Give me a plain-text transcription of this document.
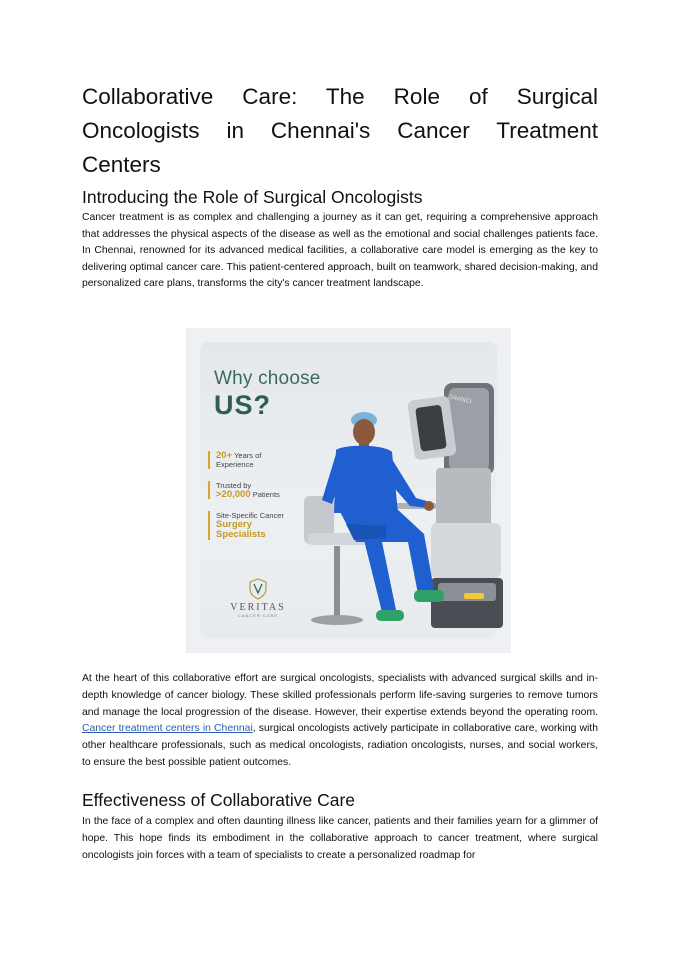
Collaborative Care: The Role of Surgical Oncologists in Chennai's Cancer Treatment Centers
Introducing the Role of Surgical Oncologists

Cancer treatment is as complex and challenging a journey as it can get, requiring a comprehensive approach that addresses the physical aspects of the disease as well as the emotional and social challenges patients face. In Chennai, renowned for its advanced medical facilities, a collaborative care model is emerging as the key to delivering optimal cancer care. This patient-centered approach, built on teamwork, shared decision-making, and personalized care plans, transforms the city's cancer treatment landscape.

Why choose
US?
20+ Years of
Experience
Trusted by
>20,000 Patients
Site-Specific Cancer
Surgery
Specialists
VERITAS
CANCER CARE
DAVINCI

At the heart of this collaborative effort are surgical oncologists, specialists with advanced surgical skills and in-depth knowledge of cancer biology. These skilled professionals perform life-saving surgeries to remove tumors and manage the local progression of the disease. However, their expertise extends beyond the operating room. Cancer treatment centers in Chennai, surgical oncologists actively participate in collaborative care, working with other healthcare professionals, such as medical oncologists, radiation oncologists, nurses, and social workers, to ensure the best possible patient outcomes.

Effectiveness of Collaborative Care

In the face of a complex and often daunting illness like cancer, patients and their families yearn for a glimmer of hope. This hope finds its embodiment in the collaborative approach to cancer treatment, where surgical oncologists join forces with a team of specialists to create a personalized roadmap for
